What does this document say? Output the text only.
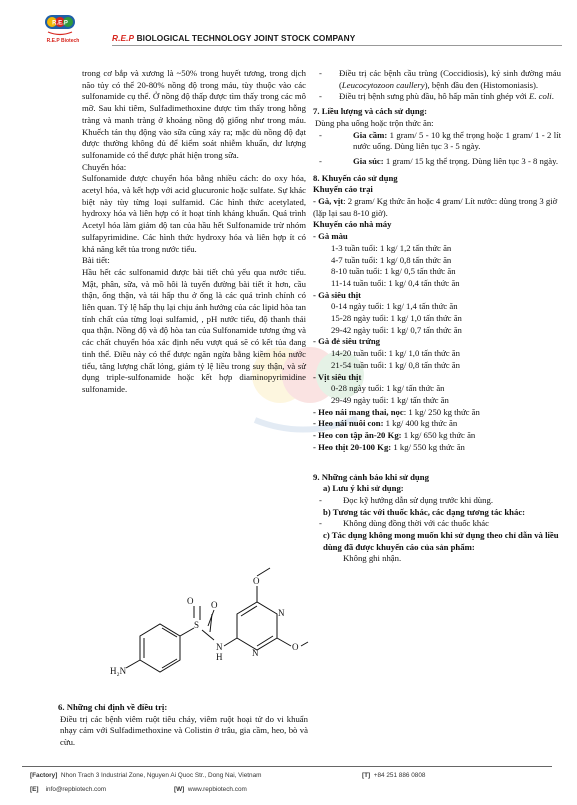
R.E.P
R.E.P Biotech	R.E.P BIOLOGICAL TECHNOLOGY JOINT STOCK COMPANY

trong cơ bắp và xương là ~50% trong huyết tương, trong dịch não tủy có thể 20-80% nồng độ trong máu, tùy thuộc vào các sulfonamide cụ thể. Ở nồng độ thấp được tìm thấy trong các mô mỡ. Sau khi tiêm, Sulfadimethoxine được tìm thấy trong hỗng tràng và manh tràng ở khoảng nồng độ giống như trong máu. Khuếch tán thụ động vào sữa cũng xảy ra; mặc dù nồng độ đạt được thường không đủ để kiểm soát nhiễm khuẩn, dư lượng sulfonamide có thể được phát hiện trong sữa.

Chuyển hóa:

Sulfonamide được chuyển hóa bằng nhiều cách: do oxy hóa, acetyl hóa, và kết hợp với acid glucuronic hoặc sulfate. Sự khác biệt này tùy từng loại sulfamid. Các hình thức acetylated, hydroxy hóa và liên hợp có ít hoạt tính kháng khuẩn. Quá trình Acetyl hóa làm giảm độ tan của hầu hết Sulfonamide trừ nhóm sulfapyrimidine. Các hình thức hydroxy hóa và liên hợp ít có khả năng kết tủa trong nước tiểu.

Bài tiết:

Hầu hết các sulfonamid được bài tiết chủ yếu qua nước tiểu. Mật, phân, sữa, và mồ hôi là tuyến đường bài tiết ít hơn, cầu thận, ống thận, và tái hấp thu ở ống là các quá trình chính có liên quan. Tỷ lệ hấp thụ lại chịu ảnh hưởng của các lipid hòa tan tính chất của từng loại sulfamid, , pH nước tiểu, độ thanh thải qua thận. Nồng độ và độ hòa tan của Sulfonamide tương ứng và các chất chuyển hóa xác định nếu vượt quá sẽ có kết tủa đang tinh thể. Điều này có thể được ngăn ngừa bằng kiềm hóa nước tiểu, tăng lượng chất lỏng, giảm tỷ lệ liều trong suy thận, và sử dụng triple-sulfonamide hoặc kết hợp diaminopyrimidine sulfonamide.

O O
S
N
H
N
N
O
O
H₂N

6. Những chỉ định về điều trị:

Điều trị các bệnh viêm ruột tiêu chảy, viêm ruột hoại tử do vi khuẩn nhạy cảm với Sulfadimethoxine và Colistin ở trâu, gia cầm, heo, bò và cừu.

- Điều trị các bệnh cầu trùng (Coccidiosis), ký sinh đường máu (Leucocytozoon caullery), bệnh đầu đen (Histomoniasis).

- Điều trị bệnh sưng phù đầu, hô hấp mãn tính ghép với E. coli.

7. Liều lượng và cách sử dụng:

Dùng pha uống hoặc trộn thức ăn:

- Gia cầm: 1 gram/ 5 - 10 kg thể trọng hoặc 1 gram/ 1 - 2 lít nước uống. Dùng liên tục 3 - 5 ngày.

- Gia súc: 1 gram/ 15 kg thể trọng. Dùng liên tục 3 - 8 ngày.

8. Khuyến cáo sử dụng

Khuyến cáo trại

- Gà, vịt: 2 gram/ Kg thức ăn hoặc 4 gram/ Lít nước: dùng trong 3 giờ (lặp lại sau 8-10 giờ).

Khuyến cáo nhà máy

- Gà màu

1-3 tuần tuổi: 1 kg/ 1,2 tấn thức ăn

4-7 tuần tuổi: 1 kg/ 0,8 tấn thức ăn

8-10 tuần tuổi: 1 kg/ 0,5 tấn thức ăn

11-14 tuần tuổi: 1 kg/ 0,4 tấn thức ăn

- Gà siêu thịt

0-14 ngày tuổi: 1 kg/ 1,4 tấn thức ăn

15-28 ngày tuổi: 1 kg/ 1,0 tấn thức ăn

29-42 ngày tuổi: 1 kg/ 0,7 tấn thức ăn

- Gà đẻ siêu trứng

14-20 tuần tuổi: 1 kg/ 1,0 tấn thức ăn

21-54 tuần tuổi: 1 kg/ 0,8 tấn thức ăn

- Vịt siêu thịt

0-28 ngày tuổi: 1 kg/ tấn thức ăn

29-49 ngày tuổi: 1 kg/ tấn thức ăn

- Heo nái mang thai, nọc: 1 kg/ 250 kg thức ăn

- Heo nái nuôi con: 1 kg/ 400 kg thức ăn

- Heo con tập ăn-20 Kg: 1 kg/ 650 kg thức ăn

- Heo thịt 20-100 Kg: 1 kg/ 550 kg thức ăn

9. Những cảnh báo khi sử dụng

a) Lưu ý khi sử dụng:

- Đọc kỹ hướng dẫn sử dụng trước khi dùng.

b) Tương tác với thuốc khác, các dạng tương tác khác:

- Không dùng đồng thời với các thuốc khác

c) Tác dụng không mong muốn khi sử dụng theo chỉ dẫn và liều dùng đã được khuyến cáo của sản phẩm:

Không ghi nhận.

[Factory] Nhon Trach 3 Industrial Zone, Nguyen Ai Quoc Str., Dong Nai, Vietnam	[T] +84 251 886 0808
[E] info@repbiotech.com	[W] www.repbiotech.com
